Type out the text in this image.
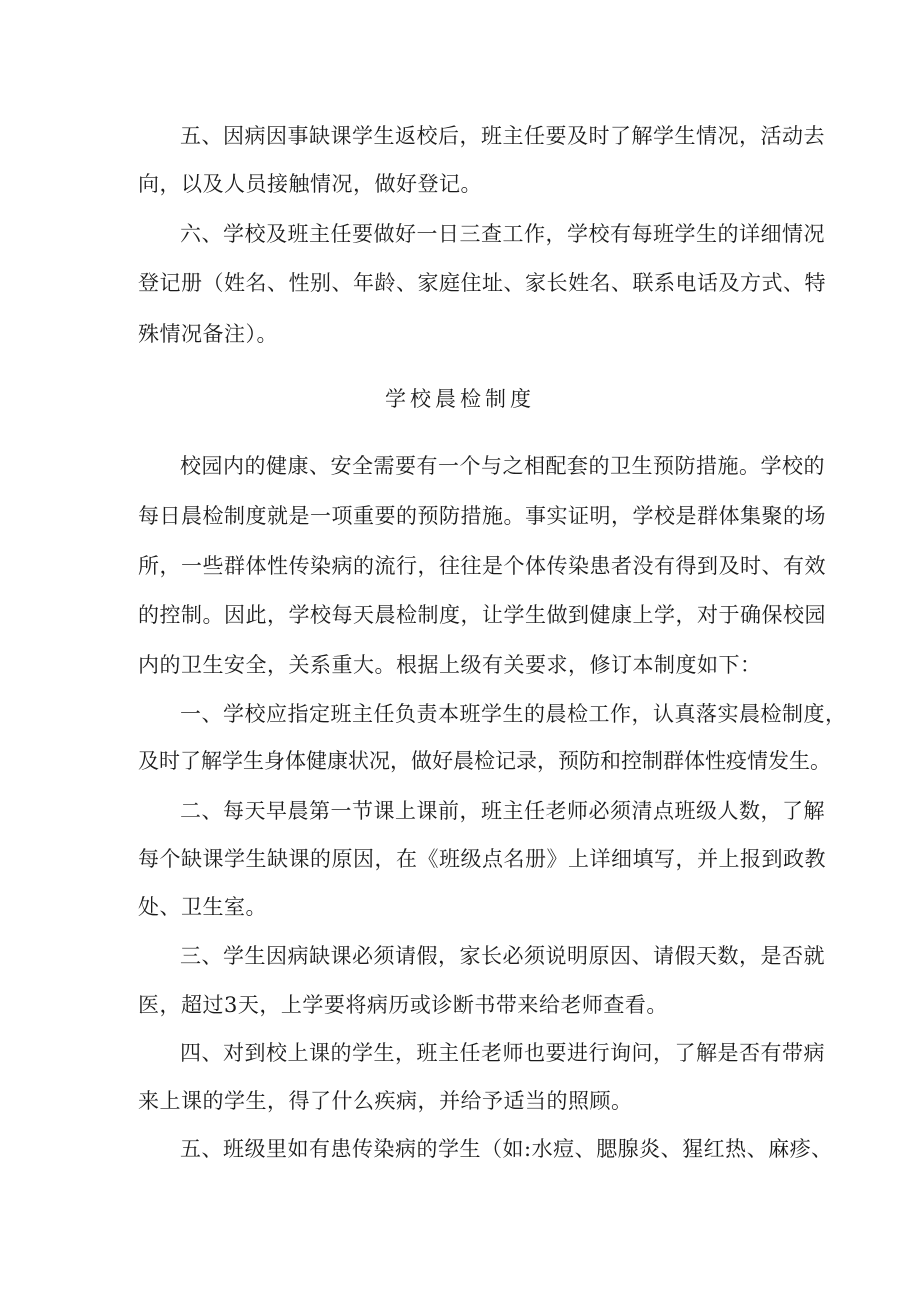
五、因病因事缺课学生返校后，班主任要及时了解学生情况，活动去
向，以及人员接触情况，做好登记。
六、学校及班主任要做好一日三查工作，学校有每班学生的详细情况
登记册（姓名、性别、年龄、家庭住址、家长姓名、联系电话及方式、特
殊情况备注）。
学校晨检制度
校园内的健康、安全需要有一个与之相配套的卫生预防措施。学校的
每日晨检制度就是一项重要的预防措施。事实证明，学校是群体集聚的场
所，一些群体性传染病的流行，往往是个体传染患者没有得到及时、有效
的控制。因此，学校每天晨检制度，让学生做到健康上学，对于确保校园
内的卫生安全，关系重大。根据上级有关要求，修订本制度如下：
一、学校应指定班主任负责本班学生的晨检工作，认真落实晨检制度，
及时了解学生身体健康状况，做好晨检记录，预防和控制群体性疫情发生。
二、每天早晨第一节课上课前，班主任老师必须清点班级人数，了解
每个缺课学生缺课的原因，在《班级点名册》上详细填写，并上报到政教
处、卫生室。
三、学生因病缺课必须请假，家长必须说明原因、请假天数，是否就
医，超过3天，上学要将病历或诊断书带来给老师查看。
四、对到校上课的学生，班主任老师也要进行询问，了解是否有带病
来上课的学生，得了什么疾病，并给予适当的照顾。
五、班级里如有患传染病的学生（如:水痘、腮腺炎、猩红热、麻疹、
